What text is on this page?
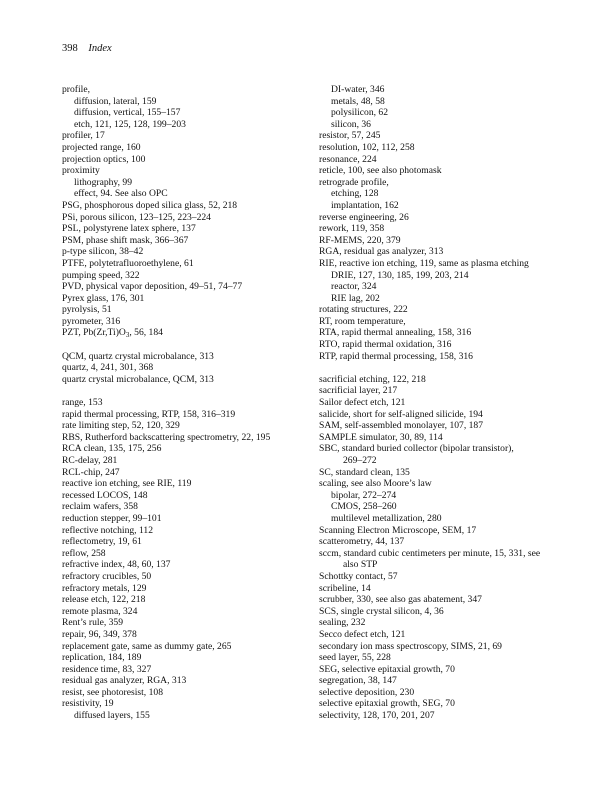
398 Index
profile,
diffusion, lateral, 159
diffusion, vertical, 155–157
etch, 121, 125, 128, 199–203
profiler, 17
projected range, 160
projection optics, 100
proximity
lithography, 99
effect, 94. See also OPC
PSG, phosphorous doped silica glass, 52, 218
PSi, porous silicon, 123–125, 223–224
PSL, polystyrene latex sphere, 137
PSM, phase shift mask, 366–367
p-type silicon, 38–42
PTFE, polytetrafluoroethylene, 61
pumping speed, 322
PVD, physical vapor deposition, 49–51, 74–77
Pyrex glass, 176, 301
pyrolysis, 51
pyrometer, 316
PZT, $Pb(Zr,Ti)O_3$, 56, 184
QCM, quartz crystal microbalance, 313
quartz, 4, 241, 301, 368
quartz crystal microbalance, QCM, 313
range, 153
rapid thermal processing, RTP, 158, 316–319
rate limiting step, 52, 120, 329
RBS, Rutherford backscattering spectrometry, 22, 195
RCA clean, 135, 175, 256
RC-delay, 281
RCL-chip, 247
reactive ion etching, see RIE, 119
recessed LOCOS, 148
reclaim wafers, 358
reduction stepper, 99–101
reflective notching, 112
reflectometry, 19, 61
reflow, 258
refractive index, 48, 60, 137
refractory crucibles, 50
refractory metals, 129
release etch, 122, 218
remote plasma, 324
Rent’s rule, 359
repair, 96, 349, 378
replacement gate, same as dummy gate, 265
replication, 184, 189
residence time, 83, 327
residual gas analyzer, RGA, 313
resist, see photoresist, 108
resistivity, 19
diffused layers, 155
DI-water, 346
metals, 48, 58
polysilicon, 62
silicon, 36
resistor, 57, 245
resolution, 102, 112, 258
resonance, 224
reticle, 100, see also photomask
retrograde profile,
etching, 128
implantation, 162
reverse engineering, 26
rework, 119, 358
RF-MEMS, 220, 379
RGA, residual gas analyzer, 313
RIE, reactive ion etching, 119, same as plasma etching
DRIE, 127, 130, 185, 199, 203, 214
reactor, 324
RIE lag, 202
rotating structures, 222
RT, room temperature,
RTA, rapid thermal annealing, 158, 316
RTO, rapid thermal oxidation, 316
RTP, rapid thermal processing, 158, 316
sacrificial etching, 122, 218
sacrificial layer, 217
Sailor defect etch, 121
salicide, short for self-aligned silicide, 194
SAM, self-assembled monolayer, 107, 187
SAMPLE simulator, 30, 89, 114
SBC, standard buried collector (bipolar transistor),
269–272
SC, standard clean, 135
scaling, see also Moore’s law
bipolar, 272–274
CMOS, 258–260
multilevel metallization, 280
Scanning Electron Microscope, SEM, 17
scatterometry, 44, 137
sccm, standard cubic centimeters per minute, 15, 331, see
also STP
Schottky contact, 57
scribeline, 14
scrubber, 330, see also gas abatement, 347
SCS, single crystal silicon, 4, 36
sealing, 232
Secco defect etch, 121
secondary ion mass spectroscopy, SIMS, 21, 69
seed layer, 55, 228
SEG, selective epitaxial growth, 70
segregation, 38, 147
selective deposition, 230
selective epitaxial growth, SEG, 70
selectivity, 128, 170, 201, 207
